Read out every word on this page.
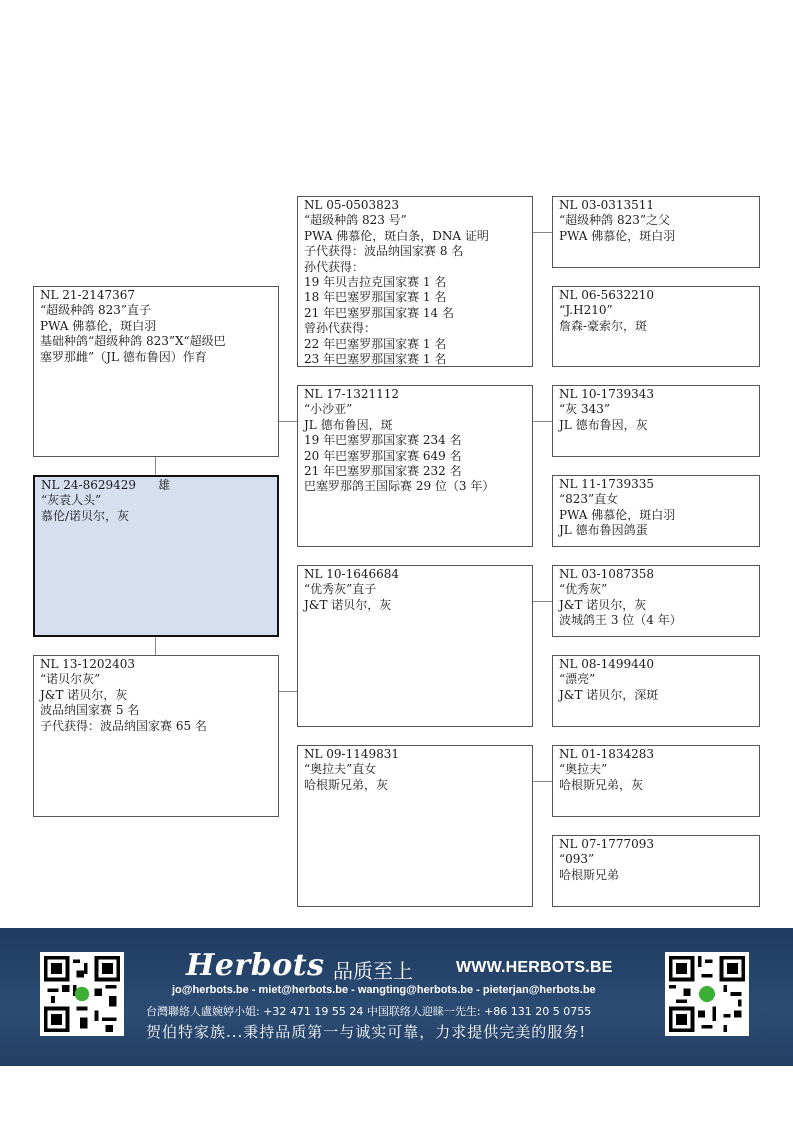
NL 21-2147367
“超级种鸽 823”直子
PWA 佛慕伦，斑白羽
基础种鸽“超级种鸽 823”X“超级巴
塞罗那雌”（JL 德布鲁因）作育
NL 24-8629429 雄
“灰袁人头”
慕伦/诺贝尔，灰
NL 13-1202403
“诺贝尔灰”
J&T 诺贝尔，灰
波品纳国家赛 5 名
子代获得：波品纳国家赛 65 名
NL 05-0503823
“超级种鸽 823 号”
PWA 佛慕伦，斑白条，DNA 证明
子代获得：波品纳国家赛 8 名
孙代获得：
19 年贝吉拉克国家赛 1 名
18 年巴塞罗那国家赛 1 名
21 年巴塞罗那国家赛 14 名
曾孙代获得：
22 年巴塞罗那国家赛 1 名
23 年巴塞罗那国家赛 1 名
NL 17-1321112
“小沙亚”
JL 德布鲁因，斑
19 年巴塞罗那国家赛 234 名
20 年巴塞罗那国家赛 649 名
21 年巴塞罗那国家赛 232 名
巴塞罗那鸽王国际赛 29 位（3 年）
NL 10-1646684
“优秀灰”直子
J&T 诺贝尔，灰
NL 09-1149831
“奥拉夫”直女
哈根斯兄弟，灰
NL 03-0313511
“超级种鸽 823”之父
PWA 佛慕伦，斑白羽
NL 06-5632210
“J.H210”
詹森-豪索尔，斑
NL 10-1739343
“灰 343”
JL 德布鲁因，灰
NL 11-1739335
“823”直女
PWA 佛慕伦，斑白羽
JL 德布鲁因鸽蛋
NL 03-1087358
“优秀灰”
J&T 诺贝尔，灰
波城鸽王 3 位（4 年）
NL 08-1499440
“漂亮”
J&T 诺贝尔，深斑
NL 01-1834283
“奥拉夫”
哈根斯兄弟，灰
NL 07-1777093
“093”
哈根斯兄弟
Herbots 品质至上	WWW.HERBOTS.BE
jo@herbots.be - miet@herbots.be - wangting@herbots.be - pieterjan@herbots.be
台灣聯絡人盧婉婷小姐: +32 471 19 55 24 中国联络人迎睐一先生: +86 131 20 5 0755
贺伯特家族...秉持品质第一与诚实可靠，力求提供完美的服务!
